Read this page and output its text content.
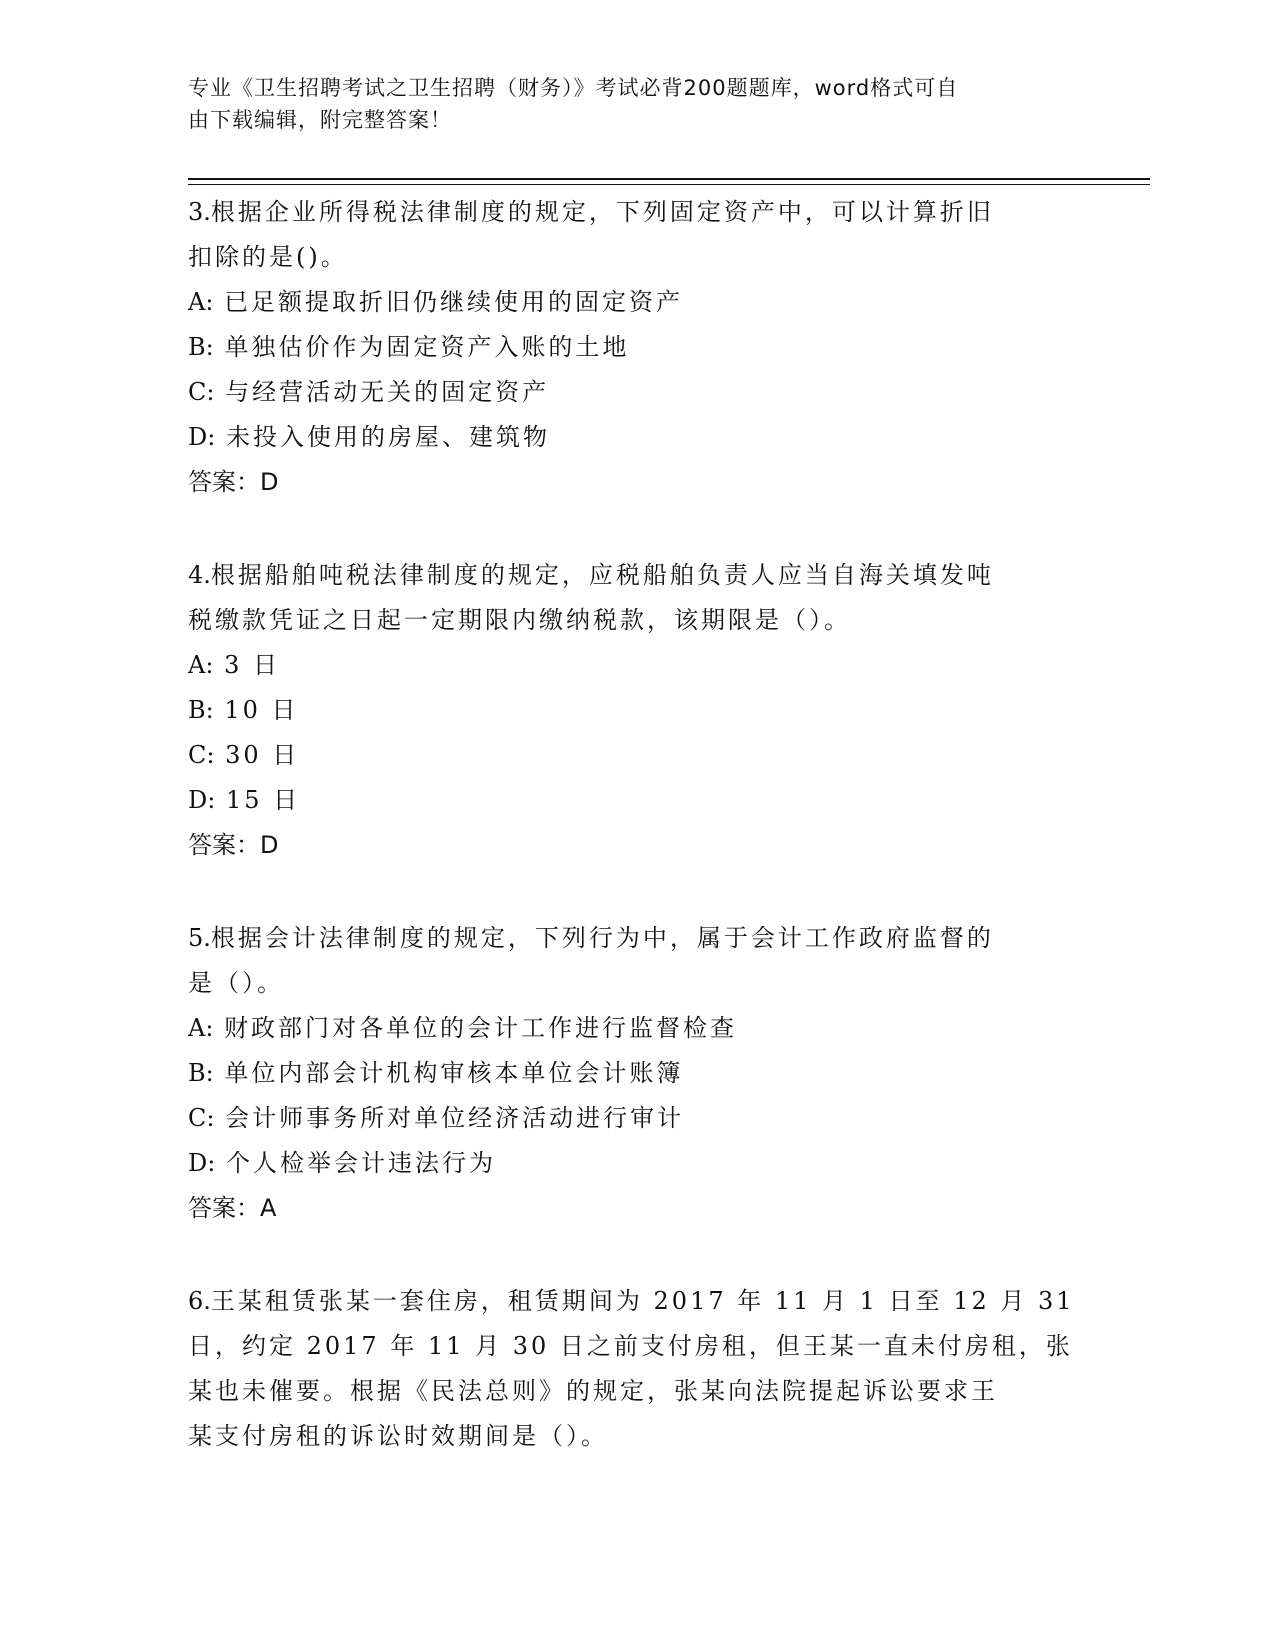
专业《卫生招聘考试之卫生招聘（财务）》考试必背200题题库，word格式可自
由下载编辑，附完整答案！
3.根据企业所得税法律制度的规定，下列固定资产中，可以计算折旧
扣除的是()。
A: 已足额提取折旧仍继续使用的固定资产
B: 单独估价作为固定资产入账的土地
C: 与经营活动无关的固定资产
D: 未投入使用的房屋、建筑物
答案：D
4.根据船舶吨税法律制度的规定，应税船舶负责人应当自海关填发吨
税缴款凭证之日起一定期限内缴纳税款，该期限是（）。
A: 3 日
B: 10 日
C: 30 日
D: 15 日
答案：D
5.根据会计法律制度的规定，下列行为中，属于会计工作政府监督的
是（）。
A: 财政部门对各单位的会计工作进行监督检查
B: 单位内部会计机构审核本单位会计账簿
C: 会计师事务所对单位经济活动进行审计
D: 个人检举会计违法行为
答案：A
6.王某租赁张某一套住房，租赁期间为 2017 年 11 月 1 日至 12 月 31
日，约定 2017 年 11 月 30 日之前支付房租，但王某一直未付房租，张
某也未催要。根据《民法总则》的规定，张某向法院提起诉讼要求王
某支付房租的诉讼时效期间是（）。
